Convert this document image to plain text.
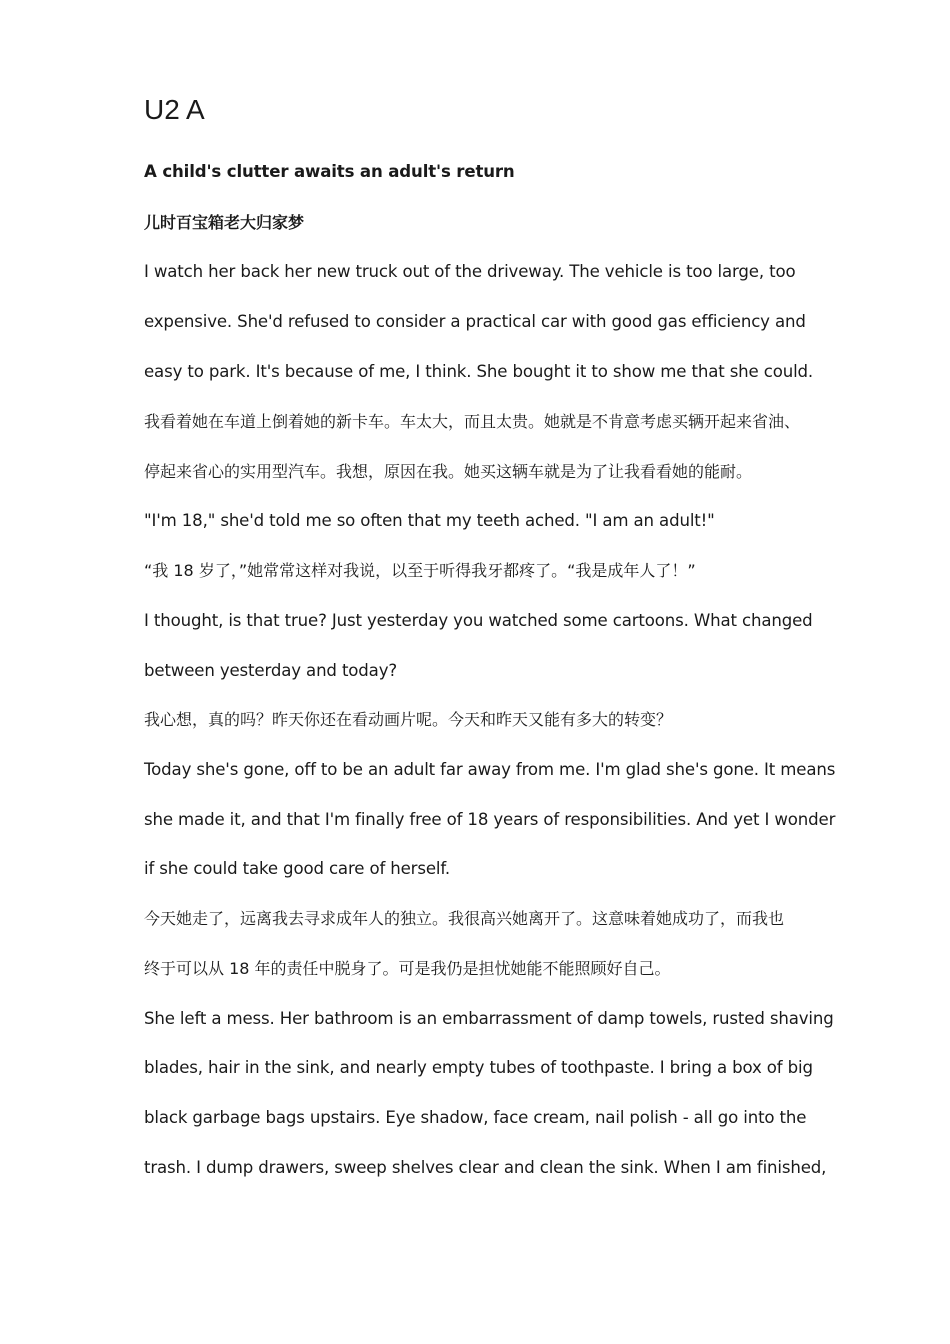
U2 A
A child's clutter awaits an adult's return
儿时百宝箱老大归家梦
I watch her back her new truck out of the driveway. The vehicle is too large, too
expensive. She'd refused to consider a practical car with good gas efficiency and
easy to park. It's because of me, I think. She bought it to show me that she could.
我看着她在车道上倒着她的新卡车。车太大，而且太贵。她就是不肯意考虑买辆开起来省油、
停起来省心的实用型汽车。我想，原因在我。她买这辆车就是为了让我看看她的能耐。
"I'm 18," she'd told me so often that my teeth ached. "I am an adult!"
“我 18 岁了，”她常常这样对我说，以至于听得我牙都疼了。“我是成年人了！”
I thought, is that true? Just yesterday you watched some cartoons. What changed
between yesterday and today?
我心想，真的吗？昨天你还在看动画片呢。今天和昨天又能有多大的转变？
Today she's gone, off to be an adult far away from me. I'm glad she's gone. It means
she made it, and that I'm finally free of 18 years of responsibilities. And yet I wonder
if she could take good care of herself.
今天她走了，远离我去寻求成年人的独立。我很高兴她离开了。这意味着她成功了，而我也
终于可以从 18 年的责任中脱身了。可是我仍是担忧她能不能照顾好自己。
She left a mess. Her bathroom is an embarrassment of damp towels, rusted shaving
blades, hair in the sink, and nearly empty tubes of toothpaste. I bring a box of big
black garbage bags upstairs. Eye shadow, face cream, nail polish - all go into the
trash. I dump drawers, sweep shelves clear and clean the sink. When I am finished,
